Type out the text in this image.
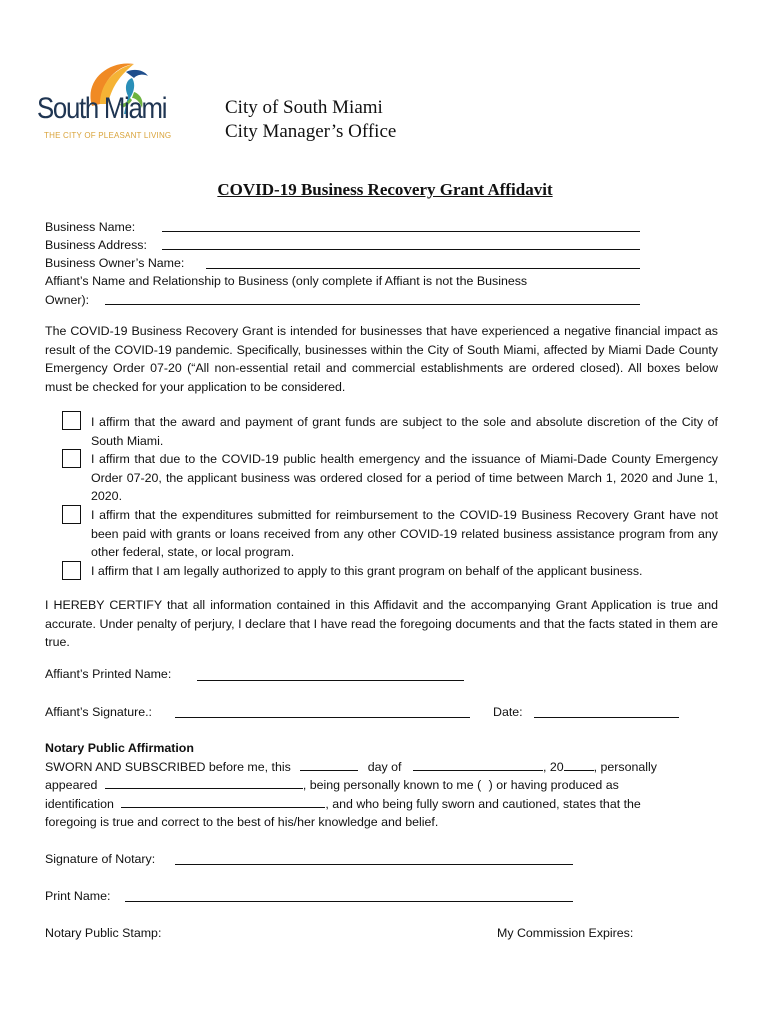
South Miami
THE CITY OF PLEASANT LIVING
City of South Miami
City Manager’s Office
COVID-19 Business Recovery Grant Affidavit
Business Name:
Business Address:
Business Owner’s Name:
Affiant’s Name and Relationship to Business (only complete if Affiant is not the Business
Owner):
The COVID-19 Business Recovery Grant is intended for businesses that have experienced a negative financial impact as result of the COVID-19 pandemic. Specifically, businesses within the City of South Miami, affected by Miami Dade County Emergency Order 07-20 (“All non-essential retail and commercial establishments are ordered closed). All boxes below must be checked for your application to be considered.
I affirm that the award and payment of grant funds are subject to the sole and absolute discretion of the City of South Miami.
I affirm that due to the COVID-19 public health emergency and the issuance of Miami-Dade County Emergency Order 07-20, the applicant business was ordered closed for a period of time between March 1, 2020 and June 1, 2020.
I affirm that the expenditures submitted for reimbursement to the COVID-19 Business Recovery Grant have not been paid with grants or loans received from any other COVID-19 related business assistance program from any other federal, state, or local program.
I affirm that I am legally authorized to apply to this grant program on behalf of the applicant business.
I HEREBY CERTIFY that all information contained in this Affidavit and the accompanying Grant Application is true and accurate. Under penalty of perjury, I declare that I have read the foregoing documents and that the facts stated in them are true.
Affiant’s Printed Name:
Affiant’s Signature.:	Date:
Notary Public Affirmation
SWORN AND SUBSCRIBED before me, this	day of	, 20 , personally
appeared	, being personally known to me ( ) or having produced as
identification	, and who being fully sworn and cautioned, states that the
foregoing is true and correct to the best of his/her knowledge and belief.
Signature of Notary:
Print Name:
Notary Public Stamp:	My Commission Expires:
